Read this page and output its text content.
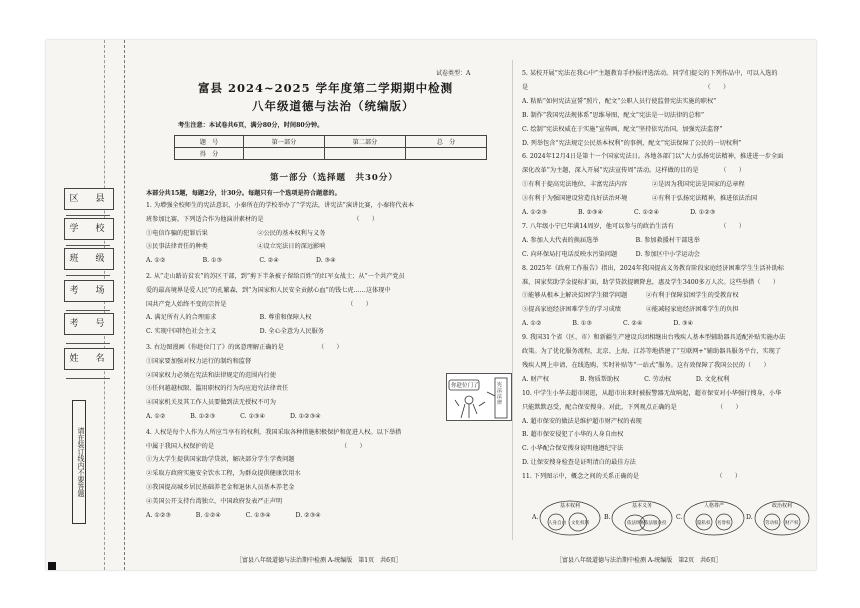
区　县
学　校
班　级
考　场
考　号
姓　名
请在装订线内不要答题
试卷类型：A
富县 2024~2025 学年度第二学期期中检测
八年级道德与法治（统编版）
考生注意：本试卷共6页，满分80分，时间80分钟。
题　号	第一部分	第二部分	总　分
得　分			
第一部分（选择题　共30分）
本部分共15题，每题2分，计30分。每题只有一个选项是符合题意的。
1. 为增强全校师生的宪法意识，小秦所在的学校举办了“学宪法，讲宪法”演讲比赛，小秦将代表本
班参加比赛。下列适合作为他演讲素材的是　　　　　　　　　　　　　　　（　　）
①电信诈骗的犯罪后果　　　　　　　　②公民的基本权利与义务
③民事法律责任的种类　　　　　　　　④设立宪法日的深远影响
A. ①②　　　　　　B. ①③　　　　　　C. ②④　　　　　　D. ③④
2. 从“走山路访贫农”的苏区干部，到“剪下半条被子留给百姓”的红军女战士；从“一个共产党员
爱的最高境界是爱人民”的孔繁森，到“为国家和人民安全贡献心血”的钱七虎……这体现中
国共产党人始终不变的宗旨是　　　　　　　　　　　　　　　　　　　　（　　）
A. 满足所有人的合理需求　　　　　　　B. 尊重和保障人权
C. 实现中国特色社会主义　　　　　　　D. 全心全意为人民服务
3. 右边图漫画《你趁位门了》的寓意理解正确的是　　　　　　（　　）
①国家要加强对权力运行的制约和监督
②国家权力必须在宪法和法律规定的范围内行使
③任何越越权限、滥用职权的行为均应追究法律责任
④国家机关及其工作人员要做到法无授权不可为
A. ①②　　　　B. ①②③　　　　C. ①③④　　　　D. ①②③④
4. 人权是每个人作为人所应当享有的权利，我国采取各种措施积极保护和促进人权。以下举措
中属于我国人权保护的是　　　　　　　　　　　　　　　　　　　　　（　　）
①为大学生提供国家助学贷款，解决部分学生学费问题
②采取方政府实施安全饮水工程，为群众提供健康饮用水
③我国提高城乡居民基础养老金和退休人员基本养老金
④美国公开支持台湾独立，中国政府发表严正声明
A. ①②③　　　　B. ①②④　　　　C. ①③④　　　　D. ②③④
你趁位门了	宪法法律
［富县八年级道德与法治期中检测 A-统编版　第1页　共6页］
5. 某校开展“宪法在我心中”主题教育手抄报评选活动。同学们提交的下列作品中，可以入选的
是　　　　　　　　　　　　　　　　　　　　　　　　　　　　　（　　）
A. 粘贴“如何宪法宣誓”照片，配文“公职人员行使监督宪法实施的职权”
B. 制作“我国宪法规体系”思维导图，配文“宪法是一切法律的总和”
C. 绘制“宪法权威在于实施”宣传画，配文“坚持依宪治国，加强宪法监督”
D. 列举包含“宪法规定公民基本权利”的事例，配文“宪法保障了公民的一切权利”
6. 2024年12月4日是第十一个国家宪法日。各地各部门以“大力弘扬宪法精神，推进进一步全面
深化改革”为主题，深入开展“宪法宣传周”活动。这样做的目的是　　　　（　　）
①有利于提高宪法地位，丰富宪法内容　　　　②是因为我国宪法是国家的总章程
③有利于为强国建设营造良好法治环境　　　　④有利于弘扬宪法精神，推进依法治国
A. ①②③　　　　　B. ②③④　　　　　C. ①②④　　　　　D. ①②③
7. 八年级小宁已年满14周岁，他可以参与的政治生活有　　　　　　　　（　　）
A. 参加人大代表的换届选举　　　　　　B. 参加救援村干部选举
C. 向环保局打电话反映水污染问题　　　D. 参加区中小学运动会
8. 2025年《政府工作报告》指出，2024年我国提高义务教育阶段家庭经济困难学生生活补助标
准，国家奖助学金提标扩面，助学贷款提额降息，惠及学生3400多万人次。这些举措（　　）
①能够从根本上解决贫困学生辍学问题　　　②有利于保障贫困学生的受教育权
③提高家庭经济困难学生的学习成绩　　　　④能减轻家庭经济困难学生的负担
A. ①②　　　　　B. ①③　　　　　C. ②④　　　　　D. ③④
9. 我国31个省（区、市）和新疆生产建设兵团相继出台残疾人基本型辅助器具适配补贴实施办法
政策。为了优化服务流程，北京、上海、江苏等地搭建了“互联网+”辅助器具服务平台，实现了
残疾人网上申请、在线选购、实时补贴等“一站式”服务。这有效保障了我国公民的（　　）
A. 财产权　　　　　B. 物质帮助权　　　　C. 劳动权　　　　D. 文化权利
10. 中学生小华去超市闲逛，从超市出来时被报警器无故响起，超市保安对小华强行搜身，小华
只能默默忍受，配合保安搜身。对此，下列观点正确的是　　　　　　　（　　）
A. 超市保安的做法是维护超市财产权的表现
B. 超市保安侵犯了小华的人身自由权
C. 小华配合保安搜身说明他遵纪守法
D. 让保安搜身检查是证明清白的最佳方法
11. 下列图示中，概念之间的关系正确的是　　　　　　　　　　　　　（　　）
A.	B.	C.	D.
基本权利
人身自由 文化权利
基本义务
依法纳税 依法服兵役
人格尊严
隐私权 名誉权
政治权利
劳动权 财产权
［富县八年级道德与法治期中检测 A-统编版　第2页　共6页］
